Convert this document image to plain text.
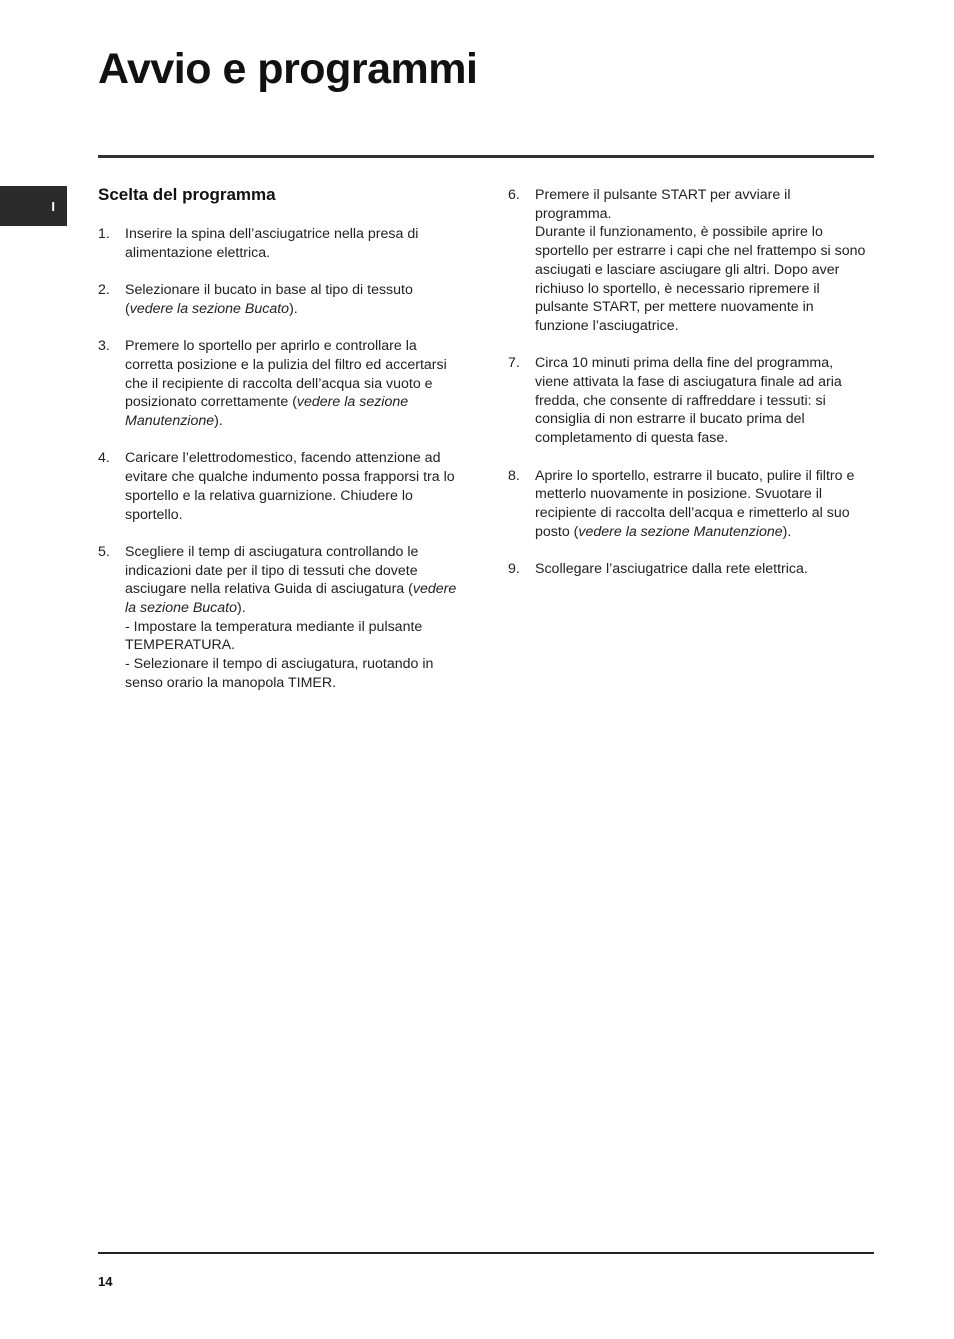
Avvio e programmi
I
Scelta del programma
1. Inserire la spina dell’asciugatrice nella presa di alimentazione elettrica.
2. Selezionare il bucato in base al tipo di tessuto (vedere la sezione Bucato).
3. Premere lo sportello per aprirlo e controllare la corretta posizione e la pulizia del filtro ed accertarsi che il recipiente di raccolta dell’acqua sia vuoto e posizionato correttamente (vedere la sezione Manutenzione).
4. Caricare l’elettrodomestico, facendo attenzione ad evitare che qualche indumento possa frapporsi tra lo sportello e la relativa guarnizione. Chiudere lo sportello.
5. Scegliere il temp di asciugatura controllando le indicazioni date per il tipo di tessuti che dovete asciugare nella relativa Guida di asciugatura (vedere la sezione Bucato).
- Impostare la temperatura mediante il pulsante TEMPERATURA.
- Selezionare il tempo di asciugatura, ruotando in senso orario la manopola TIMER.
6. Premere il pulsante START per avviare il programma.
Durante il funzionamento, è possibile aprire lo sportello per estrarre i capi che nel frattempo si sono asciugati e lasciare asciugare gli altri. Dopo aver richiuso lo sportello, è necessario ripremere il pulsante START, per mettere nuovamente in funzione l’asciugatrice.
7. Circa 10 minuti prima della fine del programma, viene attivata la fase di asciugatura finale ad aria fredda, che consente di raffreddare i tessuti: si consiglia di non estrarre il bucato prima del completamento di questa fase.
8. Aprire lo sportello, estrarre il bucato, pulire il filtro e metterlo nuovamente in posizione. Svuotare il recipiente di raccolta dell’acqua e rimetterlo al suo posto (vedere la sezione Manutenzione).
9. Scollegare l’asciugatrice dalla rete elettrica.
14
